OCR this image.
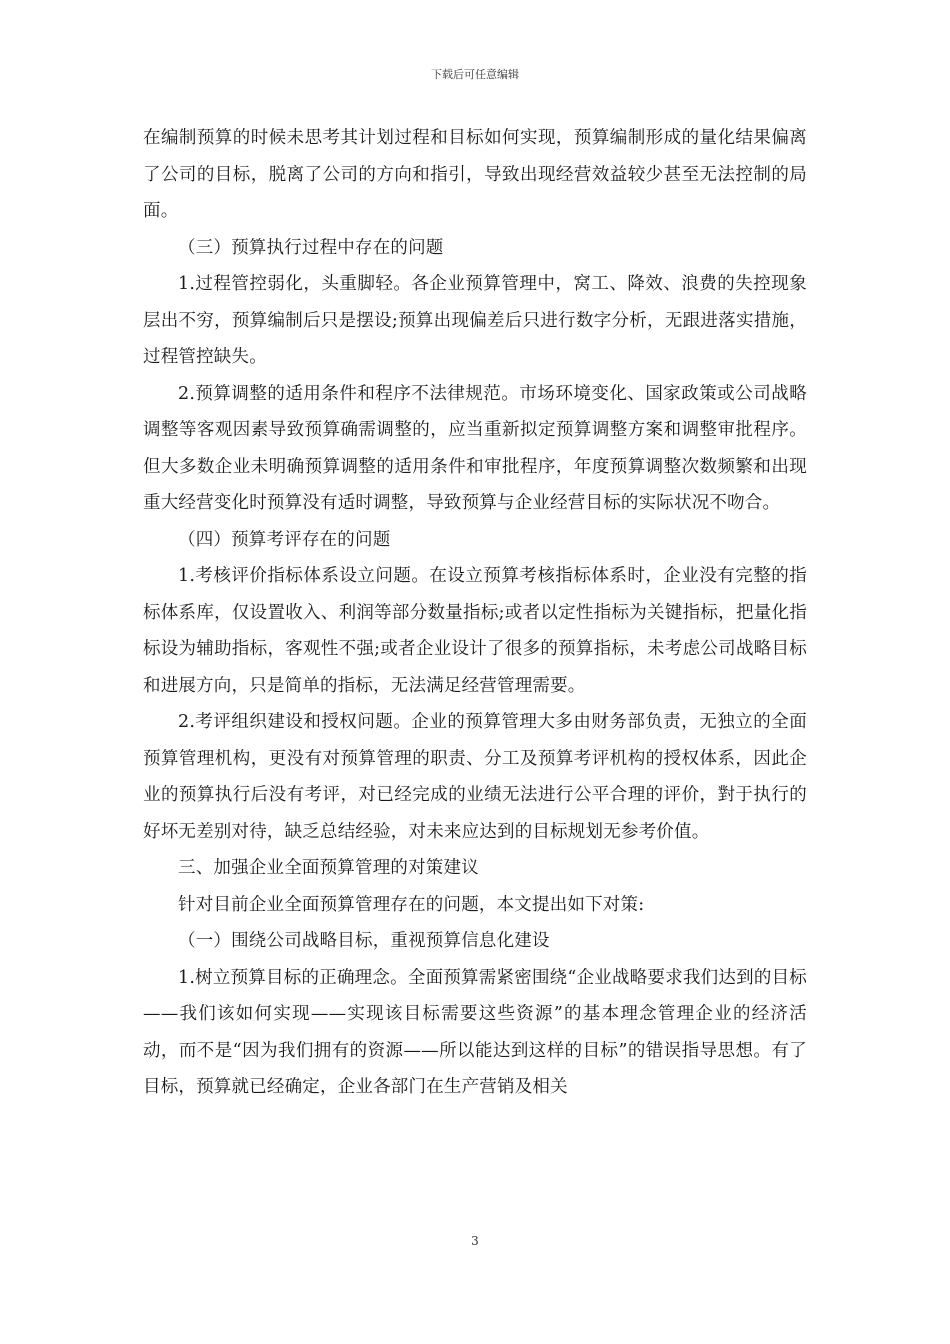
下载后可任意编辑

在编制预算的时候未思考其计划过程和目标如何实现，预算编制形成的量化结果偏离了公司的目标，脱离了公司的方向和指引，导致出现经营效益较少甚至无法控制的局面。

（三）预算执行过程中存在的问题

1.过程管控弱化，头重脚轻。各企业预算管理中，窝工、降效、浪费的失控现象层出不穷，预算编制后只是摆设;预算出现偏差后只进行数字分析，无跟进落实措施，过程管控缺失。

2.预算调整的适用条件和程序不法律规范。市场环境变化、国家政策或公司战略调整等客观因素导致预算确需调整的，应当重新拟定预算调整方案和调整审批程序。但大多数企业未明确预算调整的适用条件和审批程序，年度预算调整次数频繁和出现重大经营变化时预算没有适时调整，导致预算与企业经营目标的实际状况不吻合。

（四）预算考评存在的问题

1.考核评价指标体系设立问题。在设立预算考核指标体系时，企业没有完整的指标体系库，仅设置收入、利润等部分数量指标;或者以定性指标为关键指标，把量化指标设为辅助指标，客观性不强;或者企业设计了很多的预算指标，未考虑公司战略目标和进展方向，只是简单的指标，无法满足经营管理需要。

2.考评组织建设和授权问题。企业的预算管理大多由财务部负责，无独立的全面预算管理机构，更没有对预算管理的职责、分工及预算考评机构的授权体系，因此企业的预算执行后没有考评，对已经完成的业绩无法进行公平合理的评价，對于执行的好坏无差别对待，缺乏总结经验，对未来应达到的目标规划无参考价值。

三、加强企业全面预算管理的对策建议

针对目前企业全面预算管理存在的问题，本文提出如下对策:

（一）围绕公司战略目标，重视预算信息化建设

1.树立预算目标的正确理念。全面预算需紧密围绕“企业战略要求我们达到的目标——我们该如何实现——实现该目标需要这些资源”的基本理念管理企业的经济活动，而不是“因为我们拥有的资源——所以能达到这样的目标”的错误指导思想。有了目标，预算就已经确定，企业各部门在生产营销及相关

3
